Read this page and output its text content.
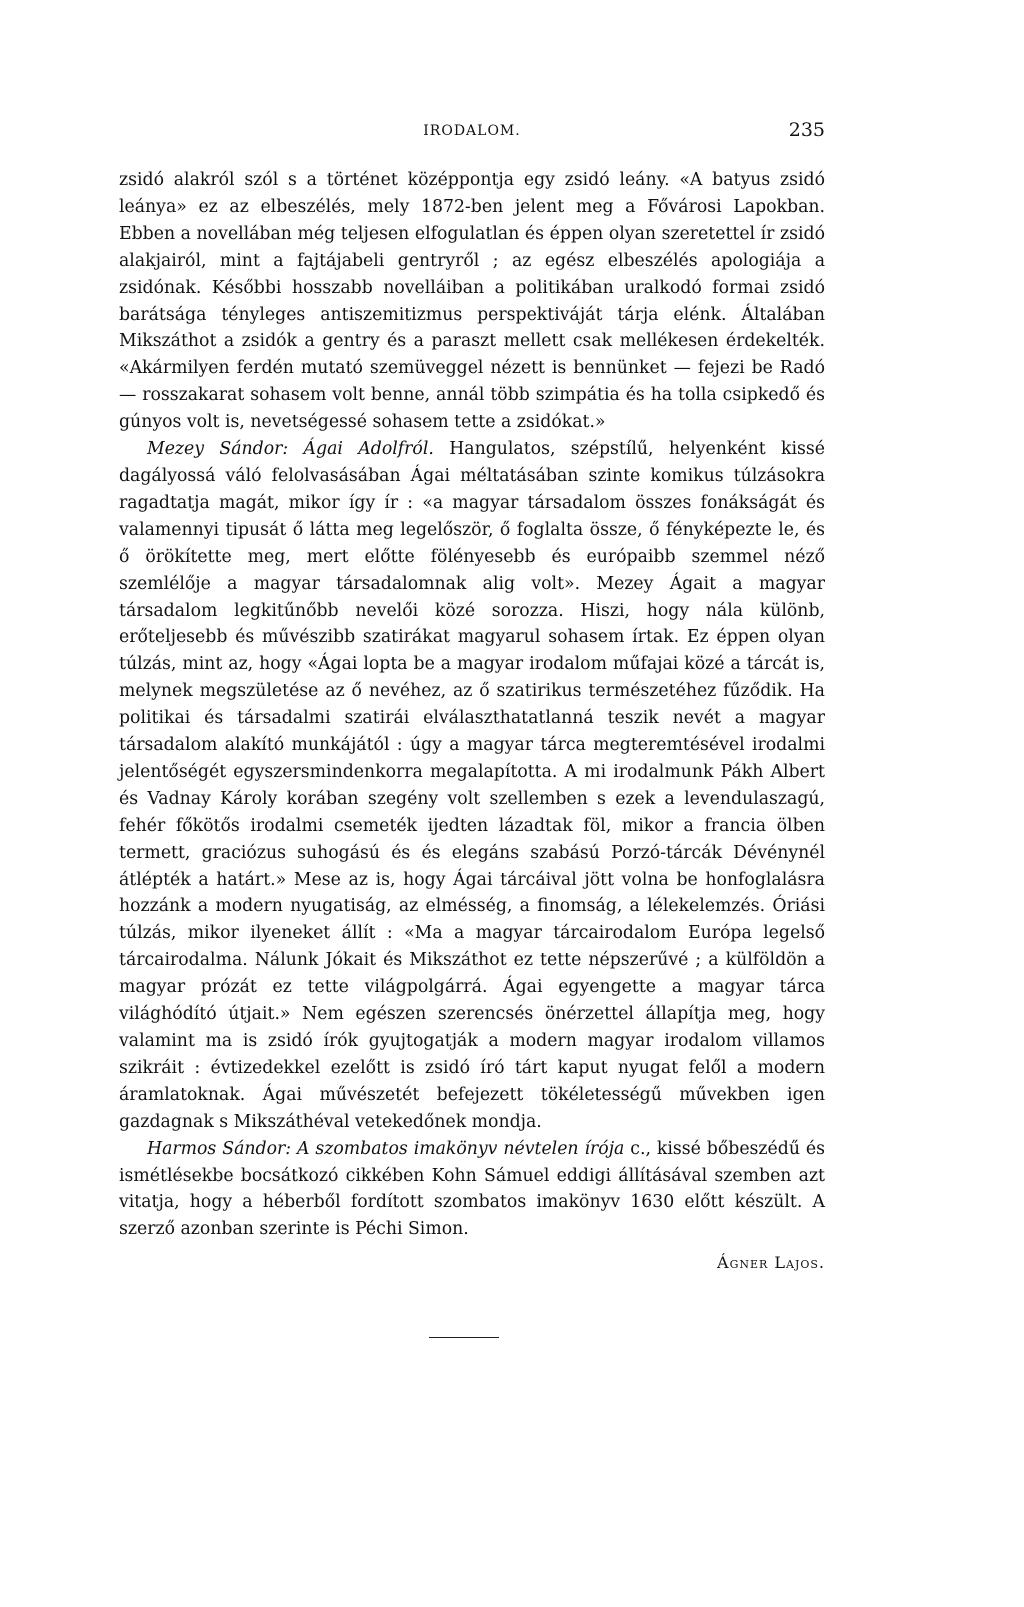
IRODALOM.	235

zsidó alakról szól s a történet középpontja egy zsidó leány. «A batyus zsidó leánya» ez az elbeszélés, mely 1872-ben jelent meg a Fővárosi Lapokban. Ebben a novellában még teljesen elfogulatlan és éppen olyan szeretettel ír zsidó alakjairól, mint a fajtájabeli gentryről ; az egész elbeszélés apologiája a zsidónak. Későbbi hosszabb novelláiban a politikában uralkodó formai zsidó barátsága tényleges antiszemitizmus perspektiváját tárja elénk. Általában Mikszáthot a zsidók a gentry és a paraszt mellett csak mellékesen érdekelték. «Akármilyen ferdén mutató szemüveggel nézett is bennünket — fejezi be Radó — rosszakarat sohasem volt benne, annál több szimpátia és ha tolla csipkedő és gúnyos volt is, nevetségessé sohasem tette a zsidókat.»

Mezey Sándor: Ágai Adolfról. Hangulatos, szépstílű, helyenként kissé dagályossá váló felolvasásában Ágai méltatásában szinte komikus túlzásokra ragadtatja magát, mikor így ír : «a magyar társadalom összes fonákságát és valamennyi tipusát ő látta meg legelőször, ő foglalta össze, ő fényképezte le, és ő örökítette meg, mert előtte fölényesebb és európaibb szemmel néző szemlélője a magyar társadalomnak alig volt». Mezey Ágait a magyar társadalom legkitűnőbb nevelői közé sorozza. Hiszi, hogy nála különb, erőteljesebb és művészibb szatirákat magyarul sohasem írtak. Ez éppen olyan túlzás, mint az, hogy «Ágai lopta be a magyar irodalom műfajai közé a tárcát is, melynek megszületése az ő nevéhez, az ő szatirikus természetéhez fűződik. Ha politikai és társadalmi szatirái elválaszthatatlanná teszik nevét a magyar társadalom alakító munkájától : úgy a magyar tárca megteremtésével irodalmi jelentőségét egyszersmindenkorra megalapította. A mi irodalmunk Pákh Albert és Vadnay Károly korában szegény volt szellemben s ezek a levendulaszagú, fehér főkötős irodalmi csemeték ijedten lázadtak föl, mikor a francia ölben termett, graciózus suhogású és és elegáns szabású Porzó-tárcák Dévénynél átlépték a határt.» Mese az is, hogy Ágai tárcáival jött volna be honfoglalásra hozzánk a modern nyugatiság, az elmésség, a finomság, a lélekelemzés. Óriási túlzás, mikor ilyeneket állít : «Ma a magyar tárcairodalom Európa legelső tárcairodalma. Nálunk Jókait és Mikszáthot ez tette népszerűvé ; a külföldön a magyar prózát ez tette világpolgárrá. Ágai egyengette a magyar tárca világhódító útjait.» Nem egészen szerencsés önérzettel állapítja meg, hogy valamint ma is zsidó írók gyujtogatják a modern magyar irodalom villamos szikráit : évtizedekkel ezelőtt is zsidó író tárt kaput nyugat felől a modern áramlatoknak. Ágai művészetét befejezett tökéletességű művekben igen gazdagnak s Mikszáthéval vetekedőnek mondja.

Harmos Sándor: A szombatos imakönyv névtelen írója c., kissé bőbeszédű és ismétlésekbe bocsátkozó cikkében Kohn Sámuel eddigi állításával szemben azt vitatja, hogy a héberből fordított szombatos imakönyv 1630 előtt készült. A szerző azonban szerinte is Péchi Simon.

Ágner Lajos.
